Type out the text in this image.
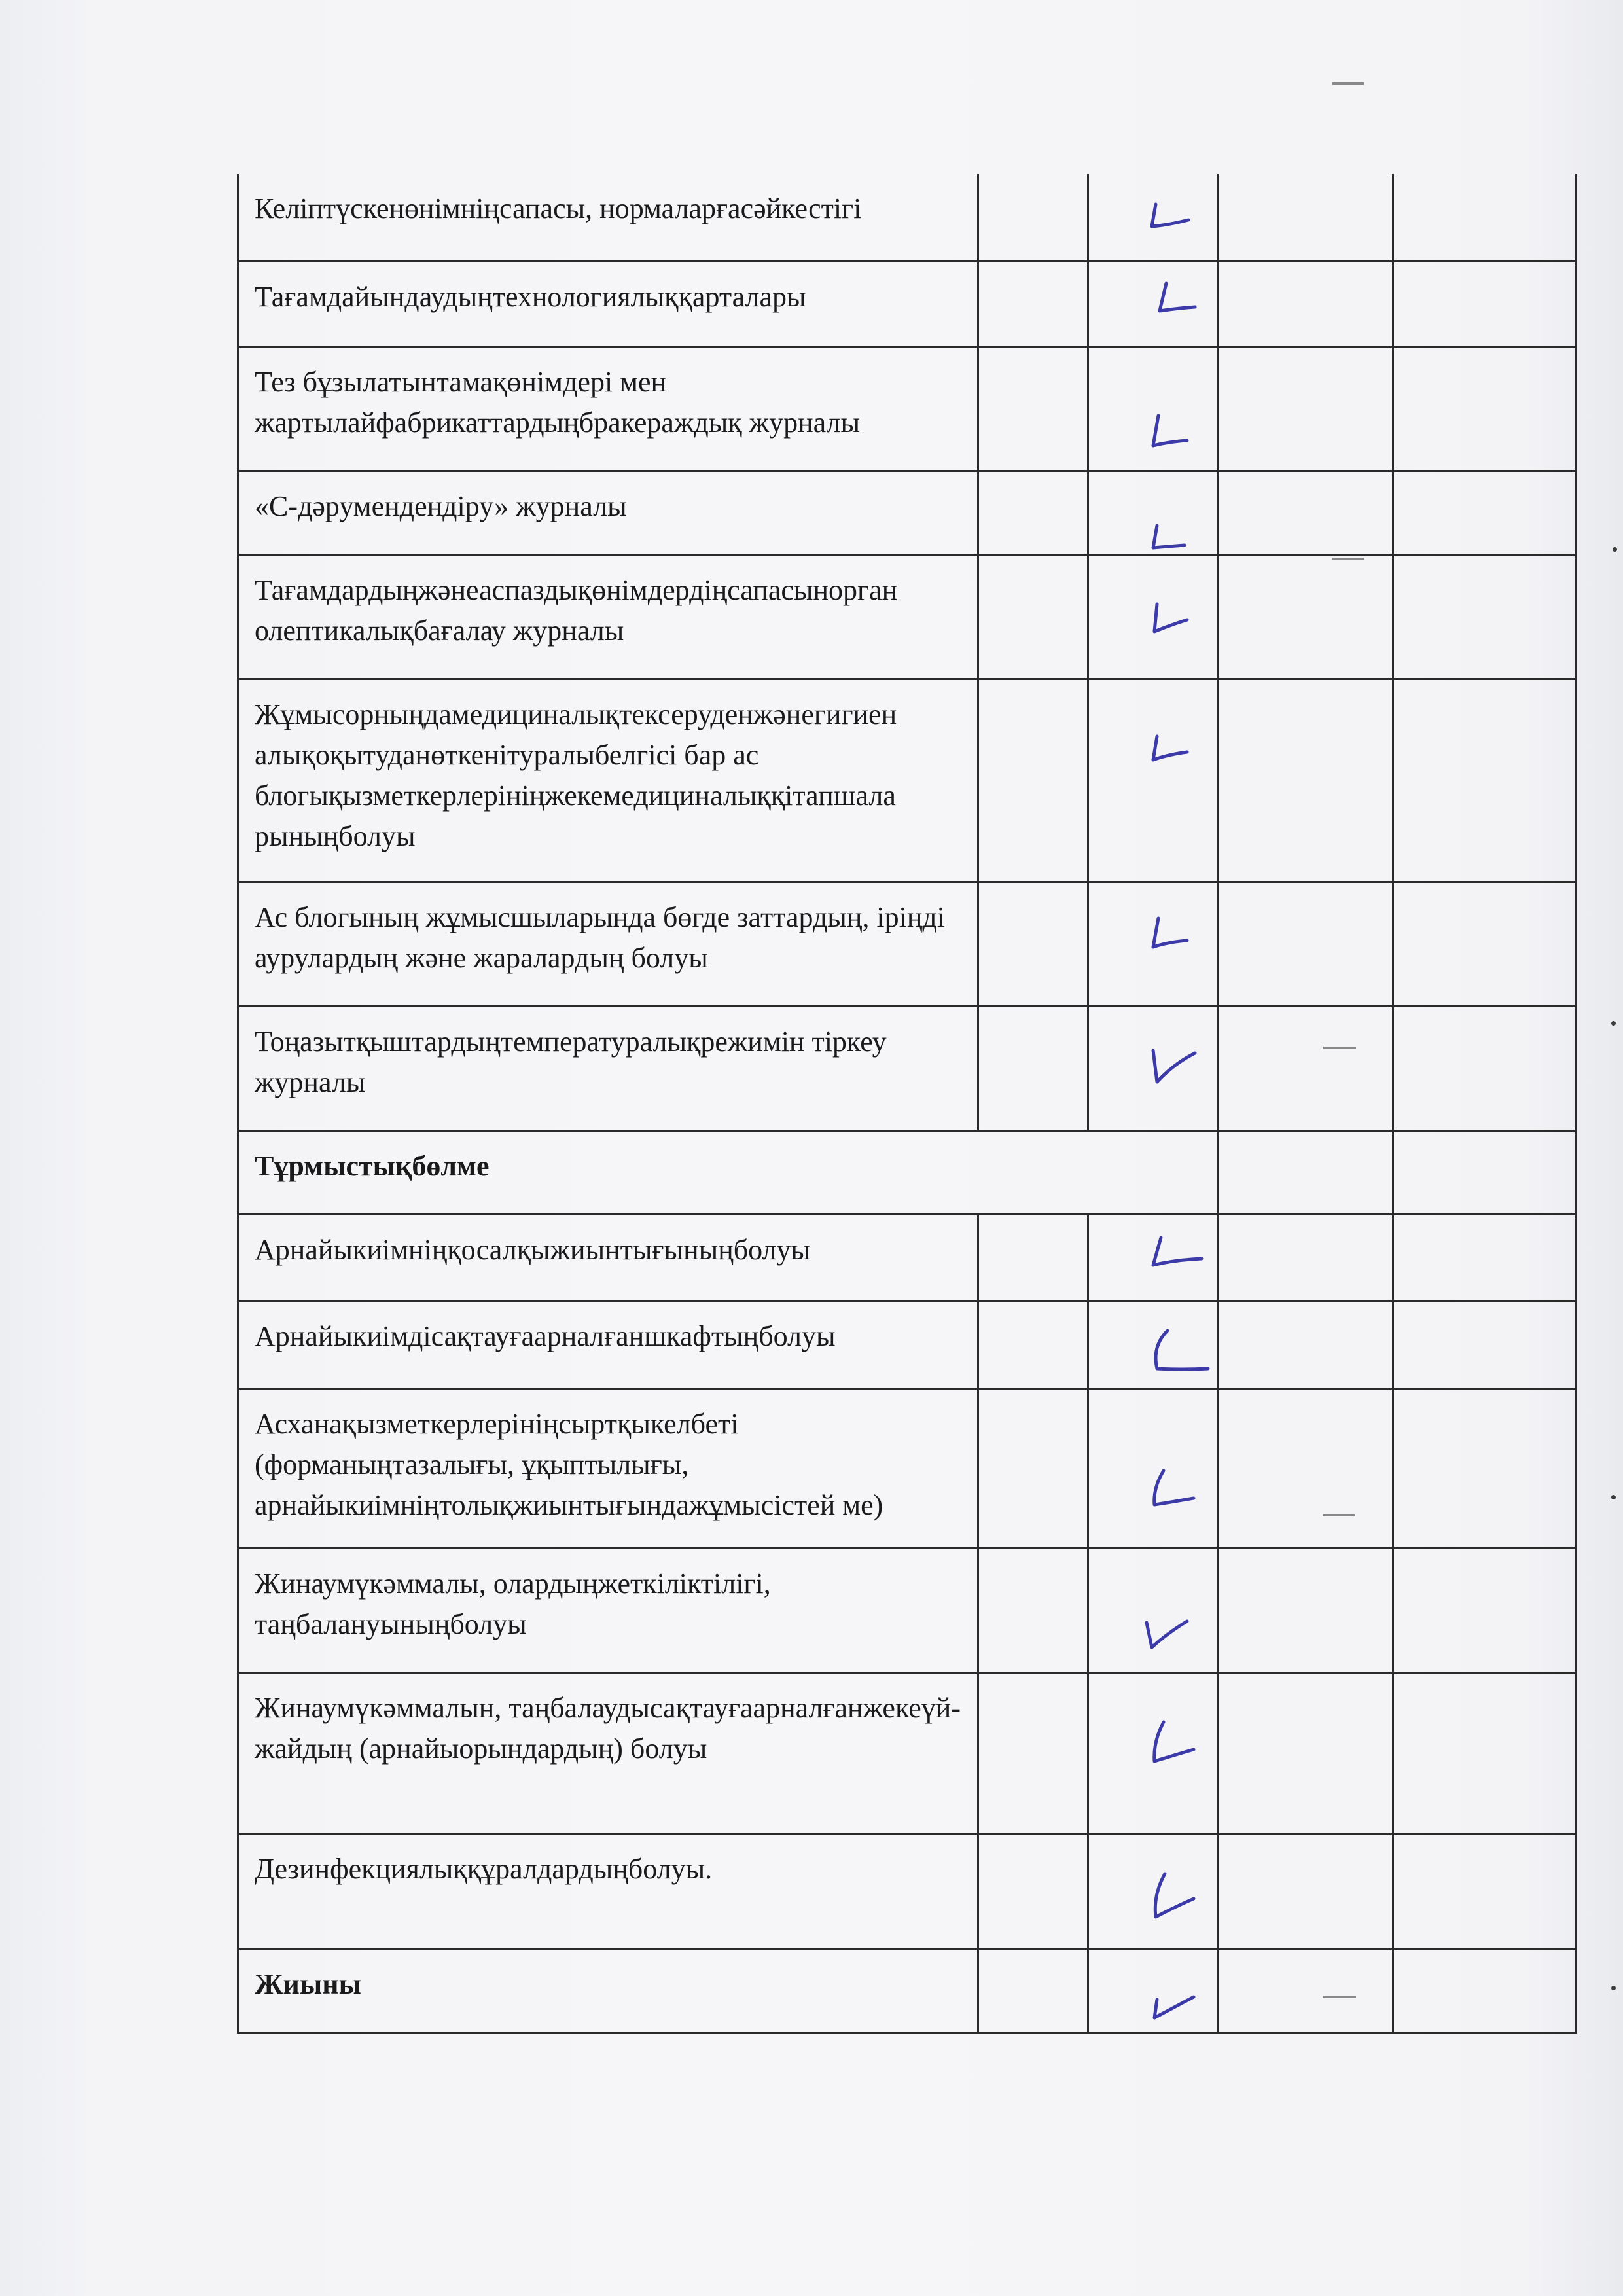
Келіптүскенөнімніңсапасы, нормаларғасәйкестігі

Тағамдайындаудыңтехнологиялыққарталары

Тез бұзылатынтамақөнімдері мен жартылайфабрикаттардыңбракераждық журналы

«С-дәрумендендіру» журналы

Тағамдардыңжәнеаспаздықөнімдердіңсапасынорган олептикалықбағалау журналы

Жұмысорныңдамедициналықтексеруденжәнегигиен алықоқытуданөткенітуралыбелгісі бар ас блогықызметкерлерініңжекемедициналыққітапшала рыныңболуы

Ас блогының жұмысшыларында бөгде заттардың, іріңді аурулардың және жаралардың болуы

Тоңазытқыштардыңтемпературалықрежимін тіркеу журналы

Тұрмыстықбөлме				

Арнайыкиімніңқосалқыжиынтығыныңболуы

Арнайыкиімдісақтауғаарналғаншкафтыңболуы

Асханақызметкерлерініңсыртқыкелбеті (форманыңтазалығы, ұқыптылығы, арнайыкиімніңтолықжиынтығындажұмысістей ме)

Жинаумүкәммалы, олардыңжеткіліктілігі, таңбалануыныңболуы

Жинаумүкәммалын, таңбалаудысақтауғаарналғанжекеүй-жайдың (арнайыорындардың) болуы

Дезинфекциялыққұралдардыңболуы.

Жиыны
